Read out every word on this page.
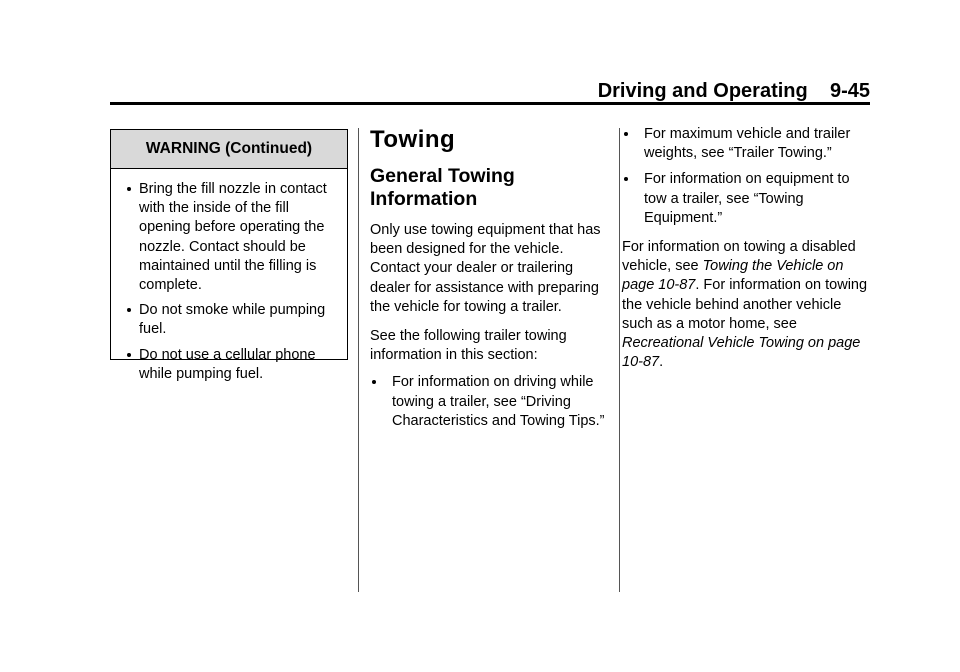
Driving and Operating 9-45
WARNING (Continued)
Bring the fill nozzle in contact with the inside of the fill opening before operating the nozzle. Contact should be maintained until the filling is complete.
Do not smoke while pumping fuel.
Do not use a cellular phone while pumping fuel.
Towing
General Towing Information

Only use towing equipment that has been designed for the vehicle. Contact your dealer or trailering dealer for assistance with preparing the vehicle for towing a trailer.

See the following trailer towing information in this section:

For information on driving while towing a trailer, see “Driving Characteristics and Towing Tips.”
For maximum vehicle and trailer weights, see “Trailer Towing.”
For information on equipment to tow a trailer, see “Towing Equipment.”

For information on towing a disabled vehicle, see Towing the Vehicle on page 10-87. For information on towing the vehicle behind another vehicle such as a motor home, see Recreational Vehicle Towing on page 10-87.
